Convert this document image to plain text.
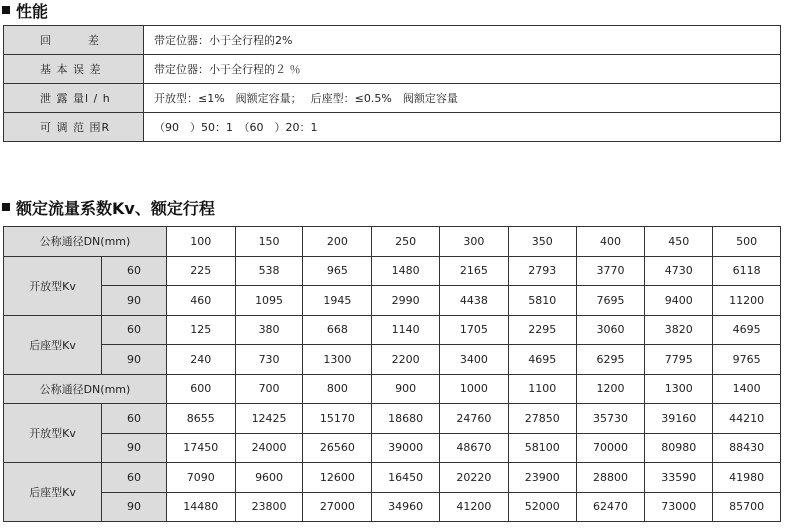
性能
回　　　差	带定位器：小于全行程的2%
基 本 误 差	带定位器：小于全行程的２ ％
泄 露 量l / h	开放型：≤1%　阀额定容量；　 后座型：≤0.5%　阀额定容量
可 调 范 围R	（90　）50：1　（60　）20：1
额定流量系数Kv、额定行程
公称通径DN(mm)		100	150	200	250	300	350	400	450	500
开放型Kv	60	225	538	965	1480	2165	2793	3770	4730	6118
	90	460	1095	1945	2990	4438	5810	7695	9400	11200
后座型Kv	60	125	380	668	1140	1705	2295	3060	3820	4695
	90	240	730	1300	2200	3400	4695	6295	7795	9765
公称通径DN(mm)		600	700	800	900	1000	1100	1200	1300	1400
开放型Kv	60	8655	12425	15170	18680	24760	27850	35730	39160	44210
	90	17450	24000	26560	39000	48670	58100	70000	80980	88430
后座型Kv	60	7090	9600	12600	16450	20220	23900	28800	33590	41980
	90	14480	23800	27000	34960	41200	52000	62470	73000	85700
